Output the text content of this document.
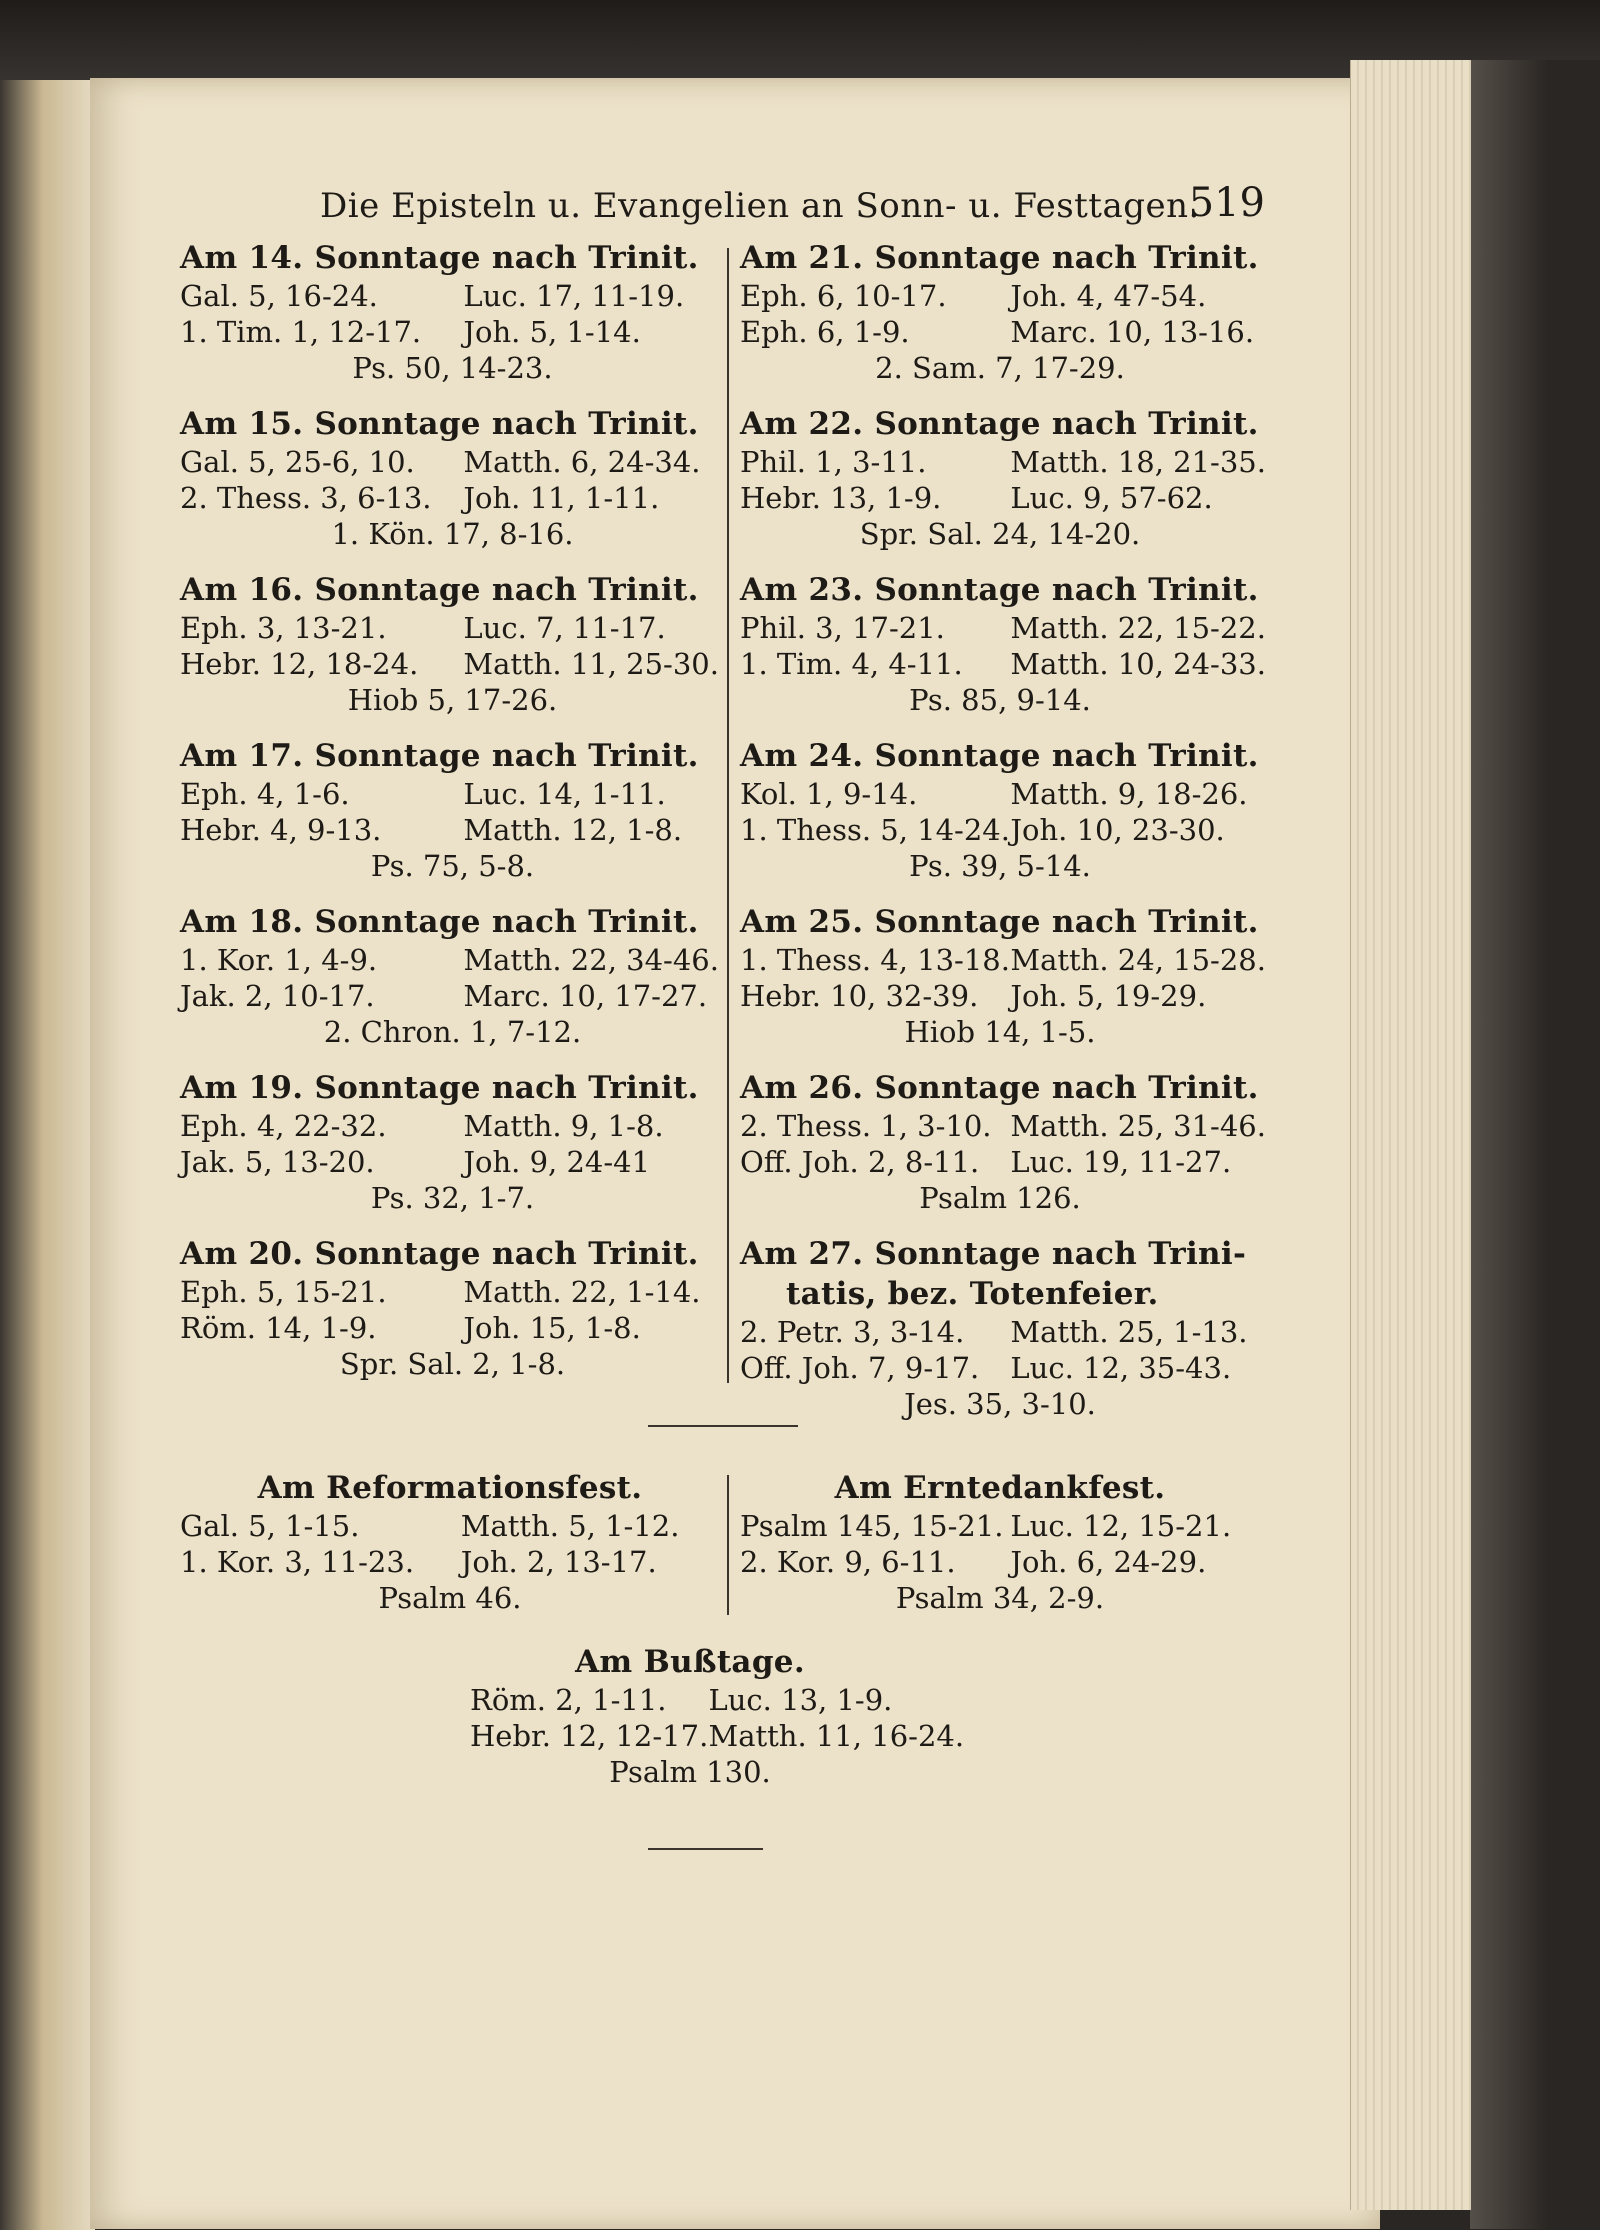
Die Episteln u. Evangelien an Sonn- u. Festtagen.
519
Am 14. Sonntage nach Trinit.
Gal. 5, 16-24.	Luc. 17, 11-19.
1. Tim. 1, 12-17.	Joh. 5, 1-14.
Ps. 50, 14-23.
Am 15. Sonntage nach Trinit.
Gal. 5, 25-6, 10.	Matth. 6, 24-34.
2. Thess. 3, 6-13.	Joh. 11, 1-11.
1. Kön. 17, 8-16.
Am 16. Sonntage nach Trinit.
Eph. 3, 13-21.	Luc. 7, 11-17.
Hebr. 12, 18-24.	Matth. 11, 25-30.
Hiob 5, 17-26.
Am 17. Sonntage nach Trinit.
Eph. 4, 1-6.	Luc. 14, 1-11.
Hebr. 4, 9-13.	Matth. 12, 1-8.
Ps. 75, 5-8.
Am 18. Sonntage nach Trinit.
1. Kor. 1, 4-9.	Matth. 22, 34-46.
Jak. 2, 10-17.	Marc. 10, 17-27.
2. Chron. 1, 7-12.
Am 19. Sonntage nach Trinit.
Eph. 4, 22-32.	Matth. 9, 1-8.
Jak. 5, 13-20.	Joh. 9, 24-41
Ps. 32, 1-7.
Am 20. Sonntage nach Trinit.
Eph. 5, 15-21.	Matth. 22, 1-14.
Röm. 14, 1-9.	Joh. 15, 1-8.
Spr. Sal. 2, 1-8.
Am 21. Sonntage nach Trinit.
Eph. 6, 10-17.	Joh. 4, 47-54.
Eph. 6, 1-9.	Marc. 10, 13-16.
2. Sam. 7, 17-29.
Am 22. Sonntage nach Trinit.
Phil. 1, 3-11.	Matth. 18, 21-35.
Hebr. 13, 1-9.	Luc. 9, 57-62.
Spr. Sal. 24, 14-20.
Am 23. Sonntage nach Trinit.
Phil. 3, 17-21.	Matth. 22, 15-22.
1. Tim. 4, 4-11.	Matth. 10, 24-33.
Ps. 85, 9-14.
Am 24. Sonntage nach Trinit.
Kol. 1, 9-14.	Matth. 9, 18-26.
1. Thess. 5, 14-24. Joh. 10, 23-30.
Ps. 39, 5-14.
Am 25. Sonntage nach Trinit.
1. Thess. 4, 13-18. Matth. 24, 15-28.
Hebr. 10, 32-39.	Joh. 5, 19-29.
Hiob 14, 1-5.
Am 26. Sonntage nach Trinit.
2. Thess. 1, 3-10. Matth. 25, 31-46.
Off. Joh. 2, 8-11.	Luc. 19, 11-27.
Psalm 126.
Am 27. Sonntage nach Trini-
tatis, bez. Totenfeier.
2. Petr. 3, 3-14.	Matth. 25, 1-13.
Off. Joh. 7, 9-17.	Luc. 12, 35-43.
Jes. 35, 3-10.
Am Reformationsfest.
Gal. 5, 1-15.	Matth. 5, 1-12.
1. Kor. 3, 11-23.	Joh. 2, 13-17.
Psalm 46.
Am Erntedankfest.
Psalm 145, 15-21. Luc. 12, 15-21.
2. Kor. 9, 6-11.	Joh. 6, 24-29.
Psalm 34, 2-9.
Am Bußtage.
Röm. 2, 1-11.	Luc. 13, 1-9.
Hebr. 12, 12-17. Matth. 11, 16-24.
Psalm 130.
